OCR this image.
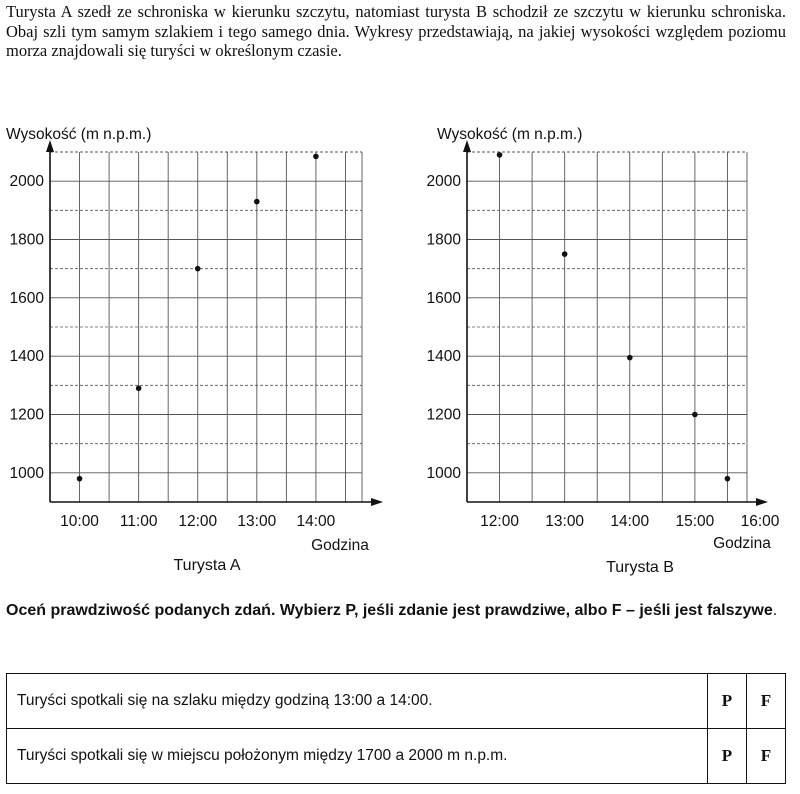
Turysta A szedł ze schroniska w kierunku szczytu, natomiast turysta B schodził ze szczytu w kierunku schroniska. Obaj szli tym samym szlakiem i tego samego dnia. Wykresy przedstawiają, na jakiej wysokości względem poziomu morza znajdowali się turyści w określonym czasie.

10:00 11:00 12:00 13:00 14:00
1000
1200
1400
1600
1800
2000
Wysokość (m n.p.m.)
Godzina
Turysta A
12:00 13:00 14:00 15:00 16:00
1000
1200
1400
1600
1800
2000
Wysokość (m n.p.m.)
Godzina
Turysta B

Oceń prawdziwość podanych zdań. Wybierz P, jeśli zdanie jest prawdziwe, albo F – jeśli jest falszywe.

Turyści spotkali się na szlaku między godziną 13:00 a 14:00.	P	F
Turyści spotkali się w miejscu położonym między 1700 a 2000 m n.p.m.	P	F
